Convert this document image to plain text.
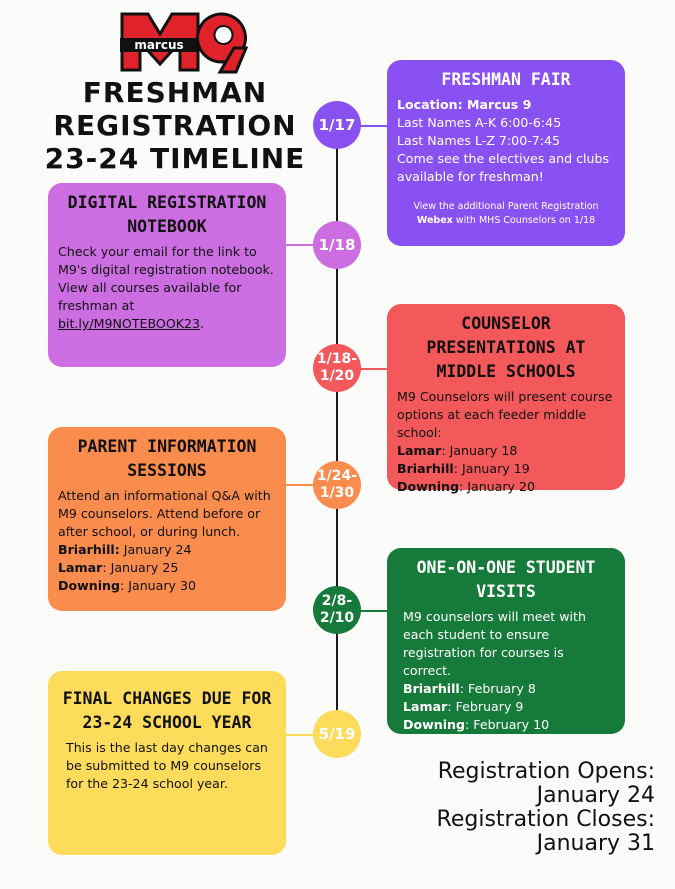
marcus
FRESHMAN
REGISTRATION
23-24 TIMELINE
1/17
1/18
1/18-
1/20
1/24-
1/30
2/8-
2/10
5/19
FRESHMAN FAIR
Location: Marcus 9
Last Names A-K 6:00-6:45
Last Names L-Z 7:00-7:45
Come see the electives and clubs available for freshman!
View the additional Parent Registration
Webex with MHS Counselors on 1/18
DIGITAL REGISTRATION NOTEBOOK
Check your email for the link to M9's digital registration notebook. View all courses available for freshman at bit.ly/M9NOTEBOOK23.	COUNSELOR PRESENTATIONS AT MIDDLE SCHOOLS
M9 Counselors will present course options at each feeder middle school:
Lamar: January 18
Briarhill: January 19
Downing: January 20
PARENT INFORMATION SESSIONS
Attend an informational Q&A with M9 counselors. Attend before or after school, or during lunch.
Briarhill: January 24
Lamar: January 25
Downing: January 30
ONE-ON-ONE STUDENT VISITS
M9 counselors will meet with each student to ensure registration for courses is correct.
Briarhill: February 8
Lamar: February 9
Downing: February 10
FINAL CHANGES DUE FOR 23-24 SCHOOL YEAR
This is the last day changes can be submitted to M9 counselors for the 23-24 school year.	Registration Opens:
January 24
Registration Closes:
January 31
